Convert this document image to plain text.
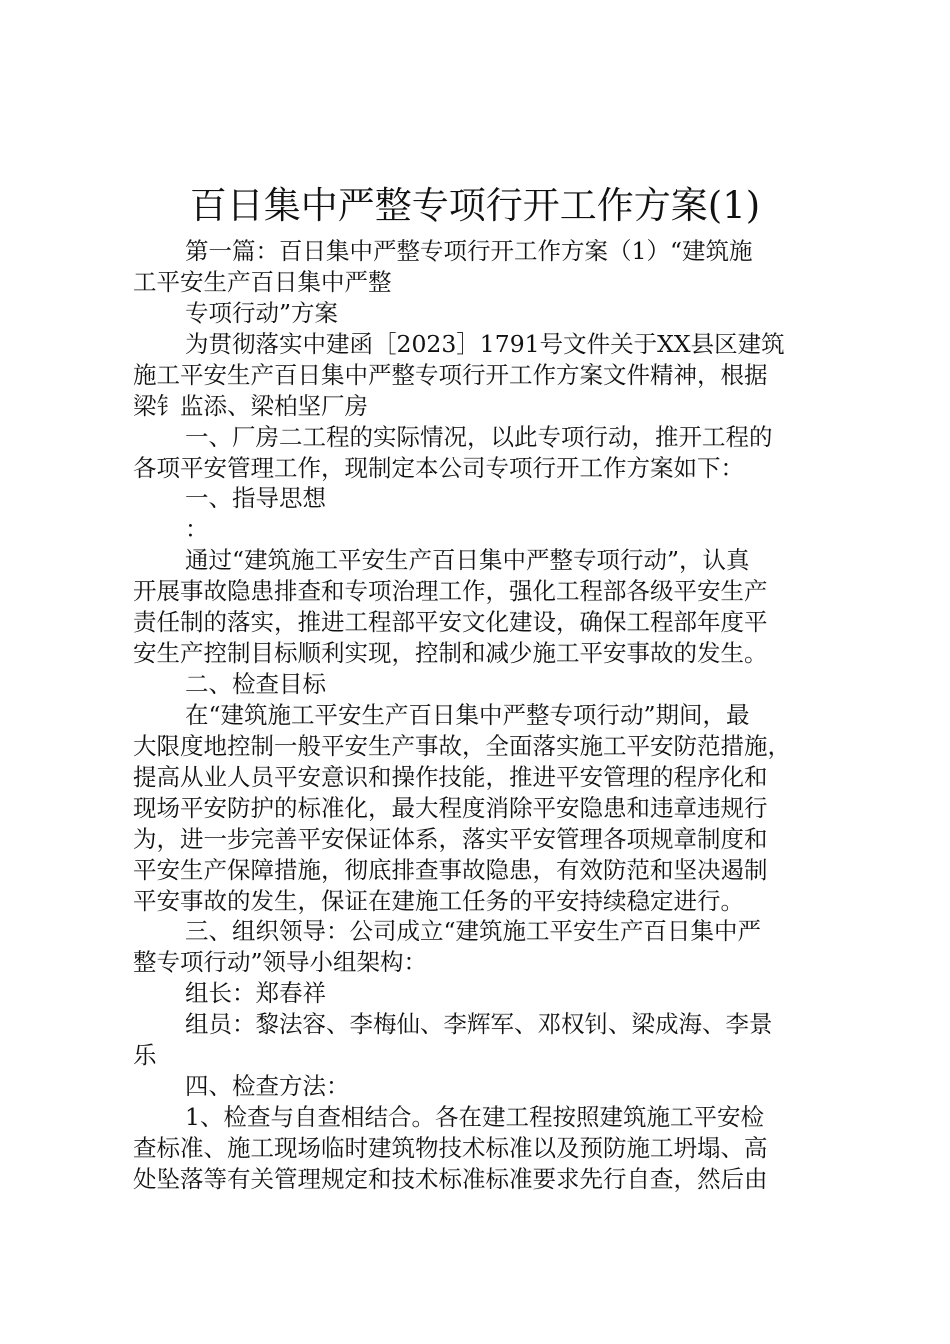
百日集中严整专项行开工作方案(1)
第一篇：百日集中严整专项行开工作方案（1）“建筑施
工平安生产百日集中严整
专项行动”方案
为贯彻落实中建函［2023］1791号文件关于XX县区建筑
施工平安生产百日集中严整专项行开工作方案文件精神，根据
梁钅监添、梁柏坚厂房
一、厂房二工程的实际情况，以此专项行动，推开工程的
各项平安管理工作，现制定本公司专项行开工作方案如下：
一、指导思想
：
通过“建筑施工平安生产百日集中严整专项行动”，认真
开展事故隐患排查和专项治理工作，强化工程部各级平安生产
责任制的落实，推进工程部平安文化建设，确保工程部年度平
安生产控制目标顺利实现，控制和减少施工平安事故的发生。
二、检查目标
在“建筑施工平安生产百日集中严整专项行动”期间，最
大限度地控制一般平安生产事故，全面落实施工平安防范措施，
提高从业人员平安意识和操作技能，推进平安管理的程序化和
现场平安防护的标准化，最大程度消除平安隐患和违章违规行
为，进一步完善平安保证体系，落实平安管理各项规章制度和
平安生产保障措施，彻底排查事故隐患，有效防范和坚决遏制
平安事故的发生，保证在建施工任务的平安持续稳定进行。
三、组织领导：公司成立“建筑施工平安生产百日集中严
整专项行动”领导小组架构：
组长：郑春祥
组员：黎法容、李梅仙、李辉军、邓权钊、梁成海、李景
乐
四、检查方法：
1、检查与自查相结合。各在建工程按照建筑施工平安检
查标准、施工现场临时建筑物技术标准以及预防施工坍塌、高
处坠落等有关管理规定和技术标准标准要求先行自查，然后由
